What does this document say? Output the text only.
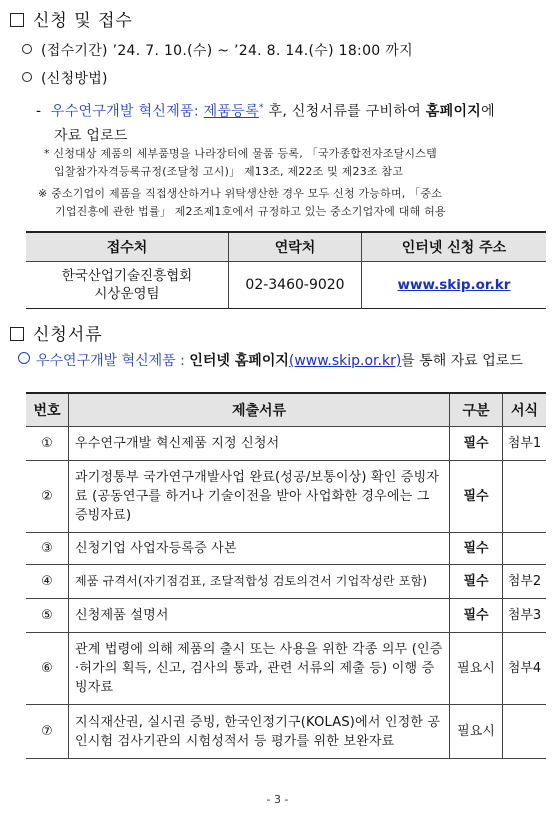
신청 및 접수
(접수기간) ’24. 7. 10.(수) ~ ’24. 8. 14.(수) 18:00 까지
(신청방법)
- 우수연구개발 혁신제품: 제품등록* 후, 신청서류를 구비하여 홈페이지에
자료 업로드
* 신청대상 제품의 세부품명을 나라장터에 물품 등록, 「국가종합전자조달시스템
입찰참가자격등록규정(조달청 고시)」 제13조, 제22조 및 제23조 참고
※ 중소기업이 제품을 직접생산하거나 위탁생산한 경우 모두 신청 가능하며, 「중소
기업진흥에 관한 법률」 제2조제1호에서 규정하고 있는 중소기업자에 대해 허용
접수처	연락처	인터넷 신청 주소
한국산업기술진흥협회
시상운영팀	02-3460-9020	www.skip.or.kr
신청서류
우수연구개발 혁신제품 : 인터넷 홈페이지(www.skip.or.kr)를 통해 자료 업로드
번호	제출서류	구분	서식
①	우수연구개발 혁신제품 지정 신청서	필수	첨부1
②	과기정통부 국가연구개발사업 완료(성공/보통이상) 확인 증빙자료 (공동연구를 하거나 기술이전을 받아 사업화한 경우에는 그 증빙자료)	필수	
③	신청기업 사업자등록증 사본	필수	
④	제품 규격서(자기점검표, 조달적합성 검토의견서 기업작성란 포함)	필수	첨부2
⑤	신청제품 설명서	필수	첨부3
⑥	관계 법령에 의해 제품의 출시 또는 사용을 위한 각종 의무 (인증·허가의 획득, 신고, 검사의 통과, 관련 서류의 제출 등) 이행 증빙자료	필요시	첨부4
⑦	지식재산권, 실시권 증빙, 한국인정기구(KOLAS)에서 인정한 공인시험 검사기관의 시험성적서 등 평가를 위한 보완자료	필요시	
- 3 -
